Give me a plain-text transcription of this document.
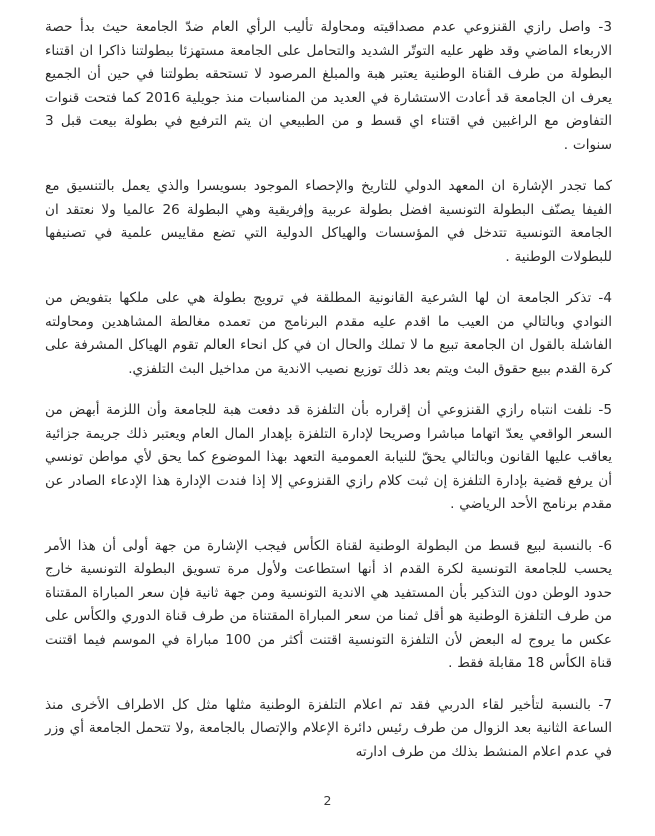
3- واصل رازي القنزوعي عدم مصداقيته ومحاولة تأليب الرأي العام ضدّ الجامعة حيث بدأ حصة الاربعاء الماضي وقد ظهر عليه التوتّر الشديد والتحامل على الجامعة مستهزئا ببطولتنا ذاكرا ان اقتناء البطولة من طرف القناة الوطنية يعتبر هبة والمبلغ المرصود لا تستحقه بطولتنا في حين أن الجميع يعرف ان الجامعة قد أعادت الاستشارة في العديد من المناسبات منذ جويلية 2016 كما فتحت قنوات التفاوض مع الراغبين في اقتناء اي قسط و من الطبيعي ان يتم الترفيع في بطولة بيعت قبل 3 سنوات .

كما تجدر الإشارة ان المعهد الدولي للتاريخ والإحصاء الموجود بسويسرا والذي يعمل بالتنسيق مع الفيفا يصنّف البطولة التونسية افضل بطولة عربية وإفريقية وهي البطولة 26 عالميا ولا نعتقد ان الجامعة التونسية تتدخل في المؤسسات والهياكل الدولية التي تضع مقاييس علمية في تصنيفها للبطولات الوطنية .

4- تذكر الجامعة ان لها الشرعية القانونية المطلقة في ترويج بطولة هي على ملكها بتفويض من النوادي وبالتالي من العيب ما اقدم عليه مقدم البرنامج من تعمده مغالطة المشاهدين ومحاولته الفاشلة بالقول ان الجامعة تبيع ما لا تملك والحال ان في كل انحاء العالم تقوم الهياكل المشرفة على كرة القدم ببيع حقوق البث ويتم بعد ذلك توزيع نصيب الاندية من مداخيل البث التلفزي.

5- نلفت انتباه رازي القنزوعي أن إقراره بأن التلفزة قد دفعت هبة للجامعة وأن اللزمة أبهض من السعر الواقعي يعدّ اتهاما مباشرا وصريحا لإدارة التلفزة بإهدار المال العام ويعتبر ذلك جريمة جزائية يعاقب عليها القانون وبالتالي يحقّ للنيابة العمومية التعهد بهذا الموضوع كما يحق لأي مواطن تونسي أن يرفع قضية بإدارة التلفزة إن ثبت كلام رازي القنزوعي إلا إذا فندت الإدارة هذا الإدعاء الصادر عن مقدم برنامج الأحد الرياضي .

6- بالنسبة لبيع قسط من البطولة الوطنية لقناة الكأس فيجب الإشارة من جهة أولى أن هذا الأمر يحسب للجامعة التونسية لكرة القدم اذ أنها استطاعت ولأول مرة تسويق البطولة التونسية خارج حدود الوطن دون التذكير بأن المستفيد هي الاندية التونسية ومن جهة ثانية فإن سعر المباراة المقتناة من طرف التلفزة الوطنية هو أقل ثمنا من سعر المباراة المقتناة من طرف قناة الدوري والكأس على عكس ما يروج له البعض لأن التلفزة التونسية اقتنت أكثر من 100 مباراة في الموسم فيما اقتنت قناة الكأس 18 مقابلة فقط .

7- بالنسبة لتأخير لقاء الدربي فقد تم اعلام التلفزة الوطنية مثلها مثل كل الاطراف الأخرى منذ الساعة الثانية بعد الزوال من طرف رئيس دائرة الإعلام والإتصال بالجامعة ,ولا تتحمل الجامعة أي وزر في عدم اعلام المنشط بذلك من طرف ادارته

2
